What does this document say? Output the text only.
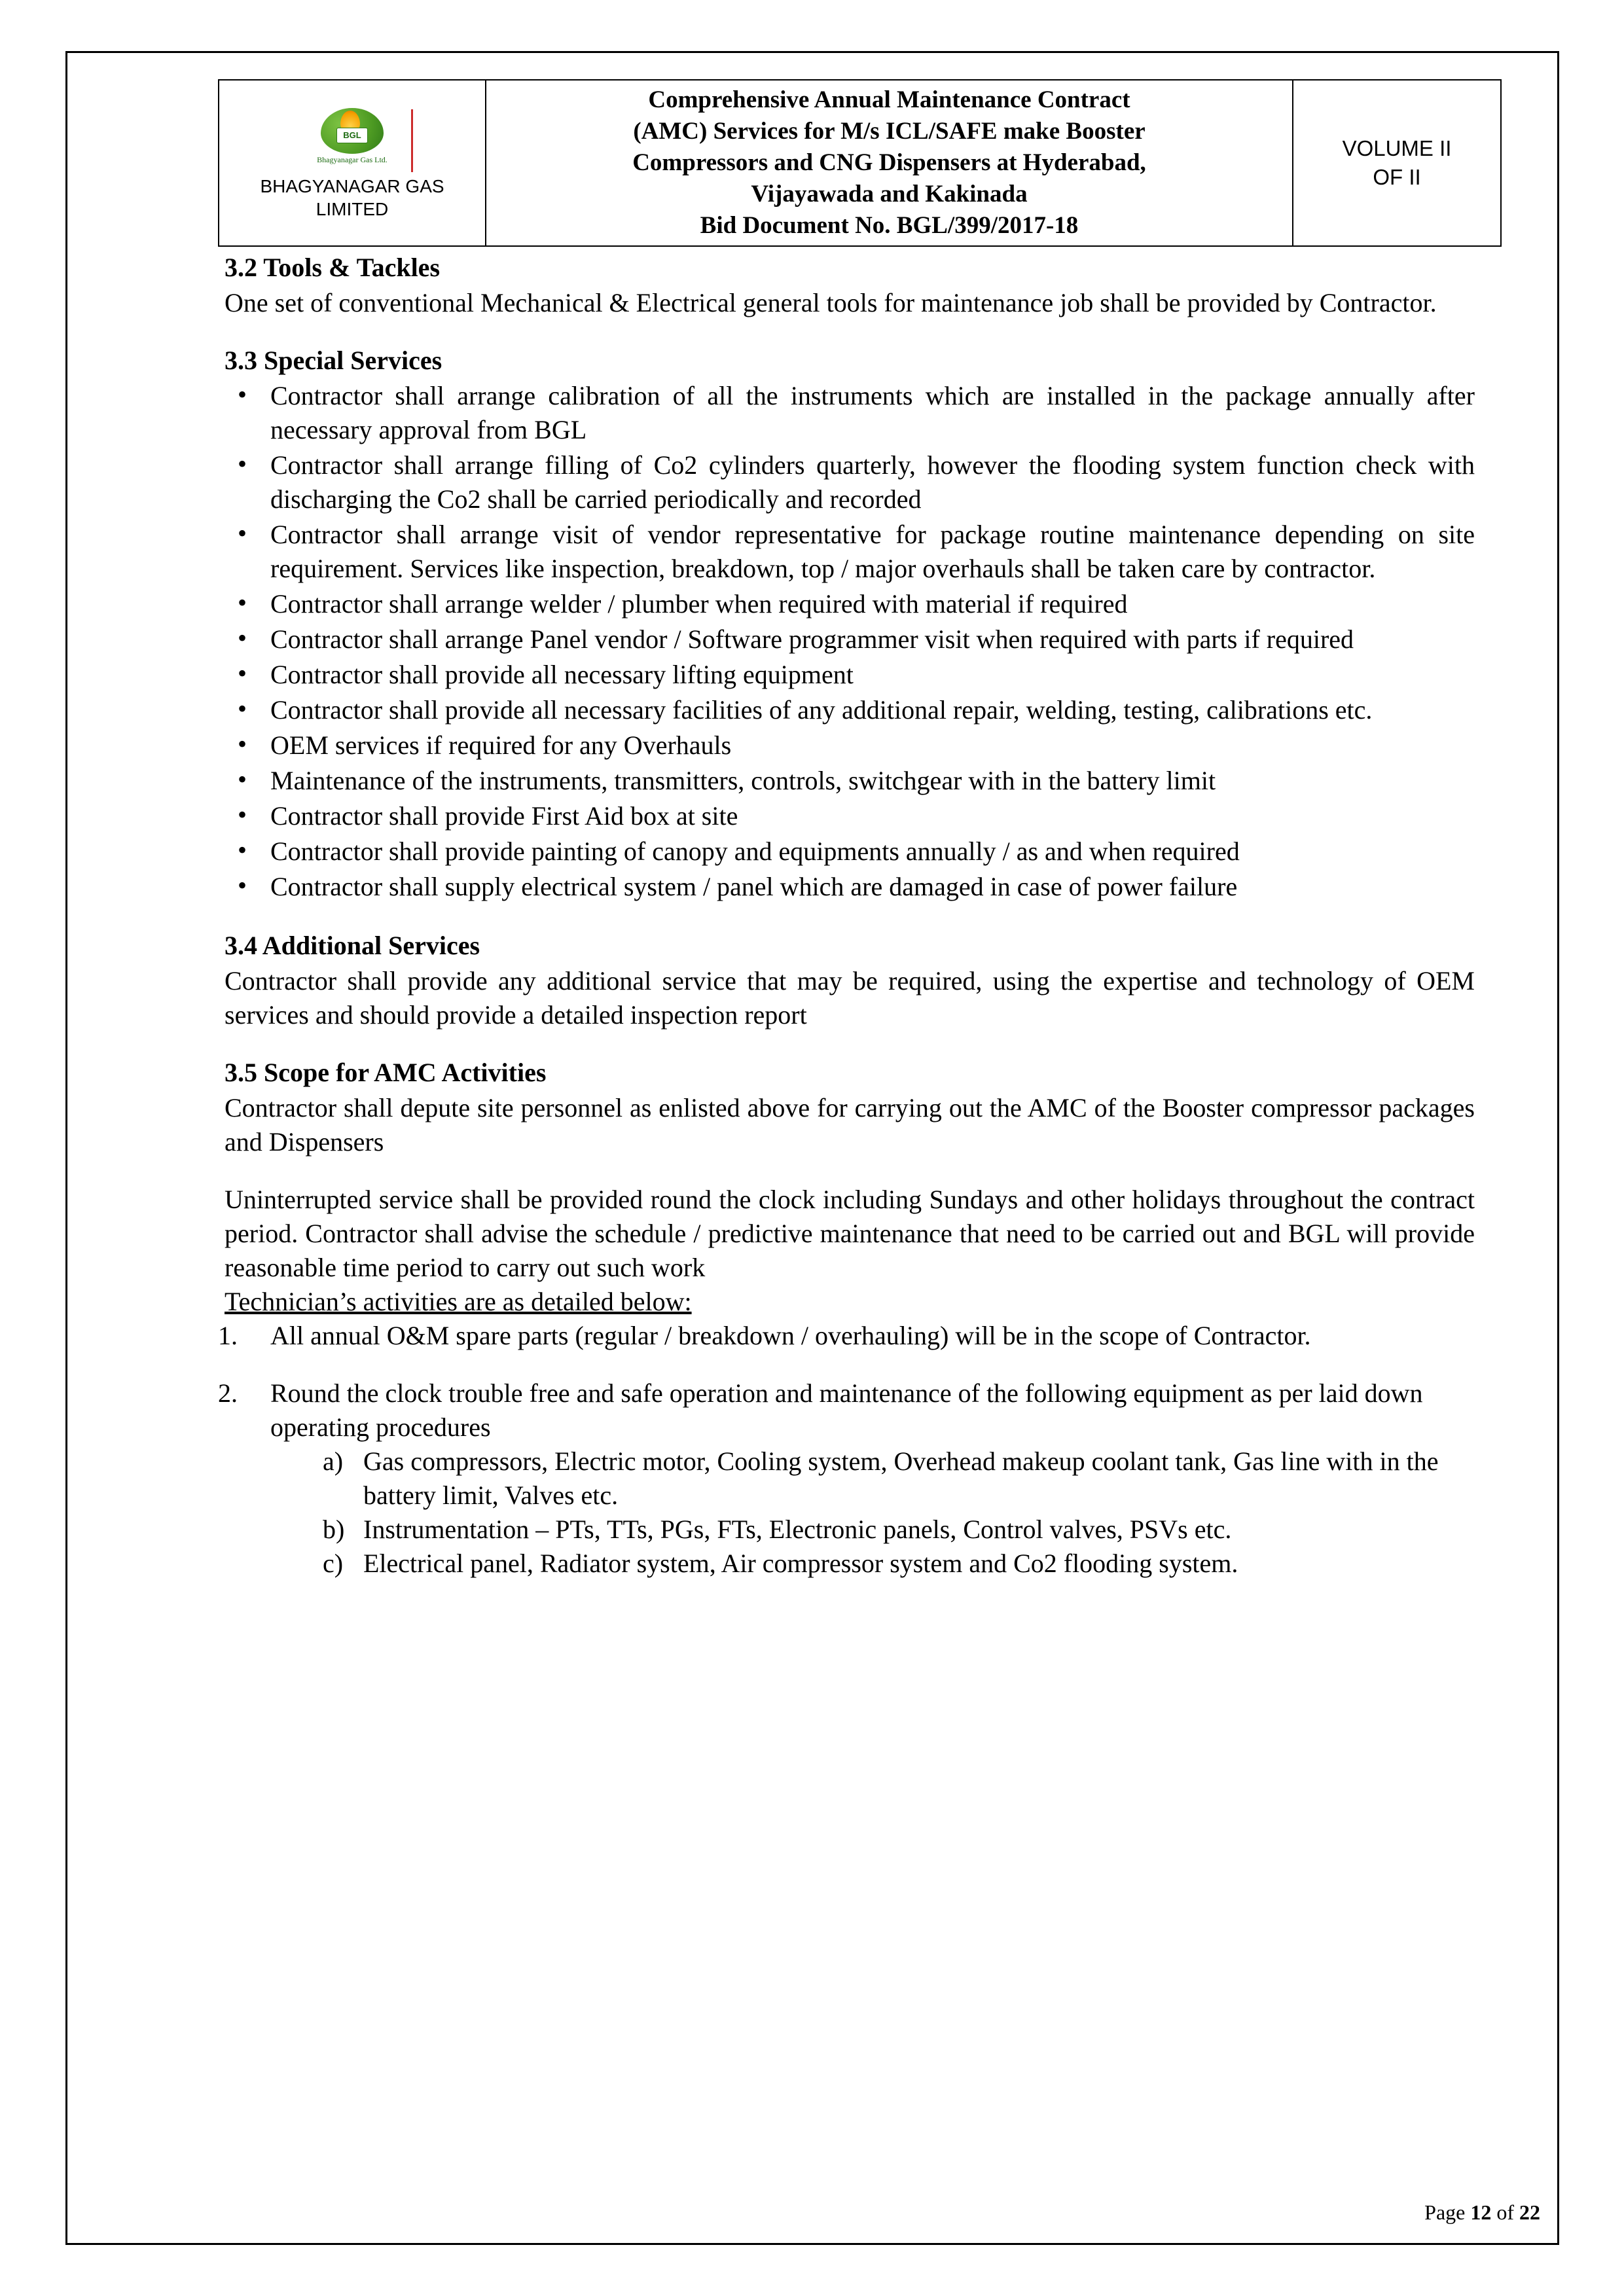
BGL
Bhagyanagar Gas Ltd.
BHAGYANAGAR GAS LIMITED

Comprehensive Annual Maintenance Contract
(AMC) Services for M/s ICL/SAFE make Booster
Compressors and CNG Dispensers at Hyderabad,
Vijayawada and Kakinada
Bid Document No. BGL/399/2017-18

VOLUME II
OF II
3.2 Tools & Tackles

One set of conventional Mechanical & Electrical general tools for maintenance job shall be provided by Contractor.

3.3 Special Services
• Contractor shall arrange calibration of all the instruments which are installed in the package annually after necessary approval from BGL
• Contractor shall arrange filling of Co2 cylinders quarterly, however the flooding system function check with discharging the Co2 shall be carried periodically and recorded
• Contractor shall arrange visit of vendor representative for package routine maintenance depending on site requirement. Services like inspection, breakdown, top / major overhauls shall be taken care by contractor.
• Contractor shall arrange welder / plumber when required with material if required
• Contractor shall arrange Panel vendor / Software programmer visit when required with parts if required
• Contractor shall provide all necessary lifting equipment
• Contractor shall provide all necessary facilities of any additional repair, welding, testing, calibrations etc.
• OEM services if required for any Overhauls
• Maintenance of the instruments, transmitters, controls, switchgear with in the battery limit
• Contractor shall provide First Aid box at site
• Contractor shall provide painting of canopy and equipments annually / as and when required
• Contractor shall supply electrical system / panel which are damaged in case of power failure
3.4 Additional Services

Contractor shall provide any additional service that may be required, using the expertise and technology of OEM services and should provide a detailed inspection report

3.5 Scope for AMC Activities

Contractor shall depute site personnel as enlisted above for carrying out the AMC of the Booster compressor packages and Dispensers

Uninterrupted service shall be provided round the clock including Sundays and other holidays throughout the contract period. Contractor shall advise the schedule / predictive maintenance that need to be carried out and BGL will provide reasonable time period to carry out such work

Technician’s activities are as detailed below:

1.	All annual O&M spare parts (regular / breakdown / overhauling) will be in the scope of Contractor.
2.	Round the clock trouble free and safe operation and maintenance of the following equipment as per laid down operating procedures
a) Gas compressors, Electric motor, Cooling system, Overhead makeup coolant tank, Gas line with in the battery limit, Valves etc.
b) Instrumentation – PTs, TTs, PGs, FTs, Electronic panels, Control valves, PSVs etc.
c) Electrical panel, Radiator system, Air compressor system and Co2 flooding system.
Page 12 of 22
